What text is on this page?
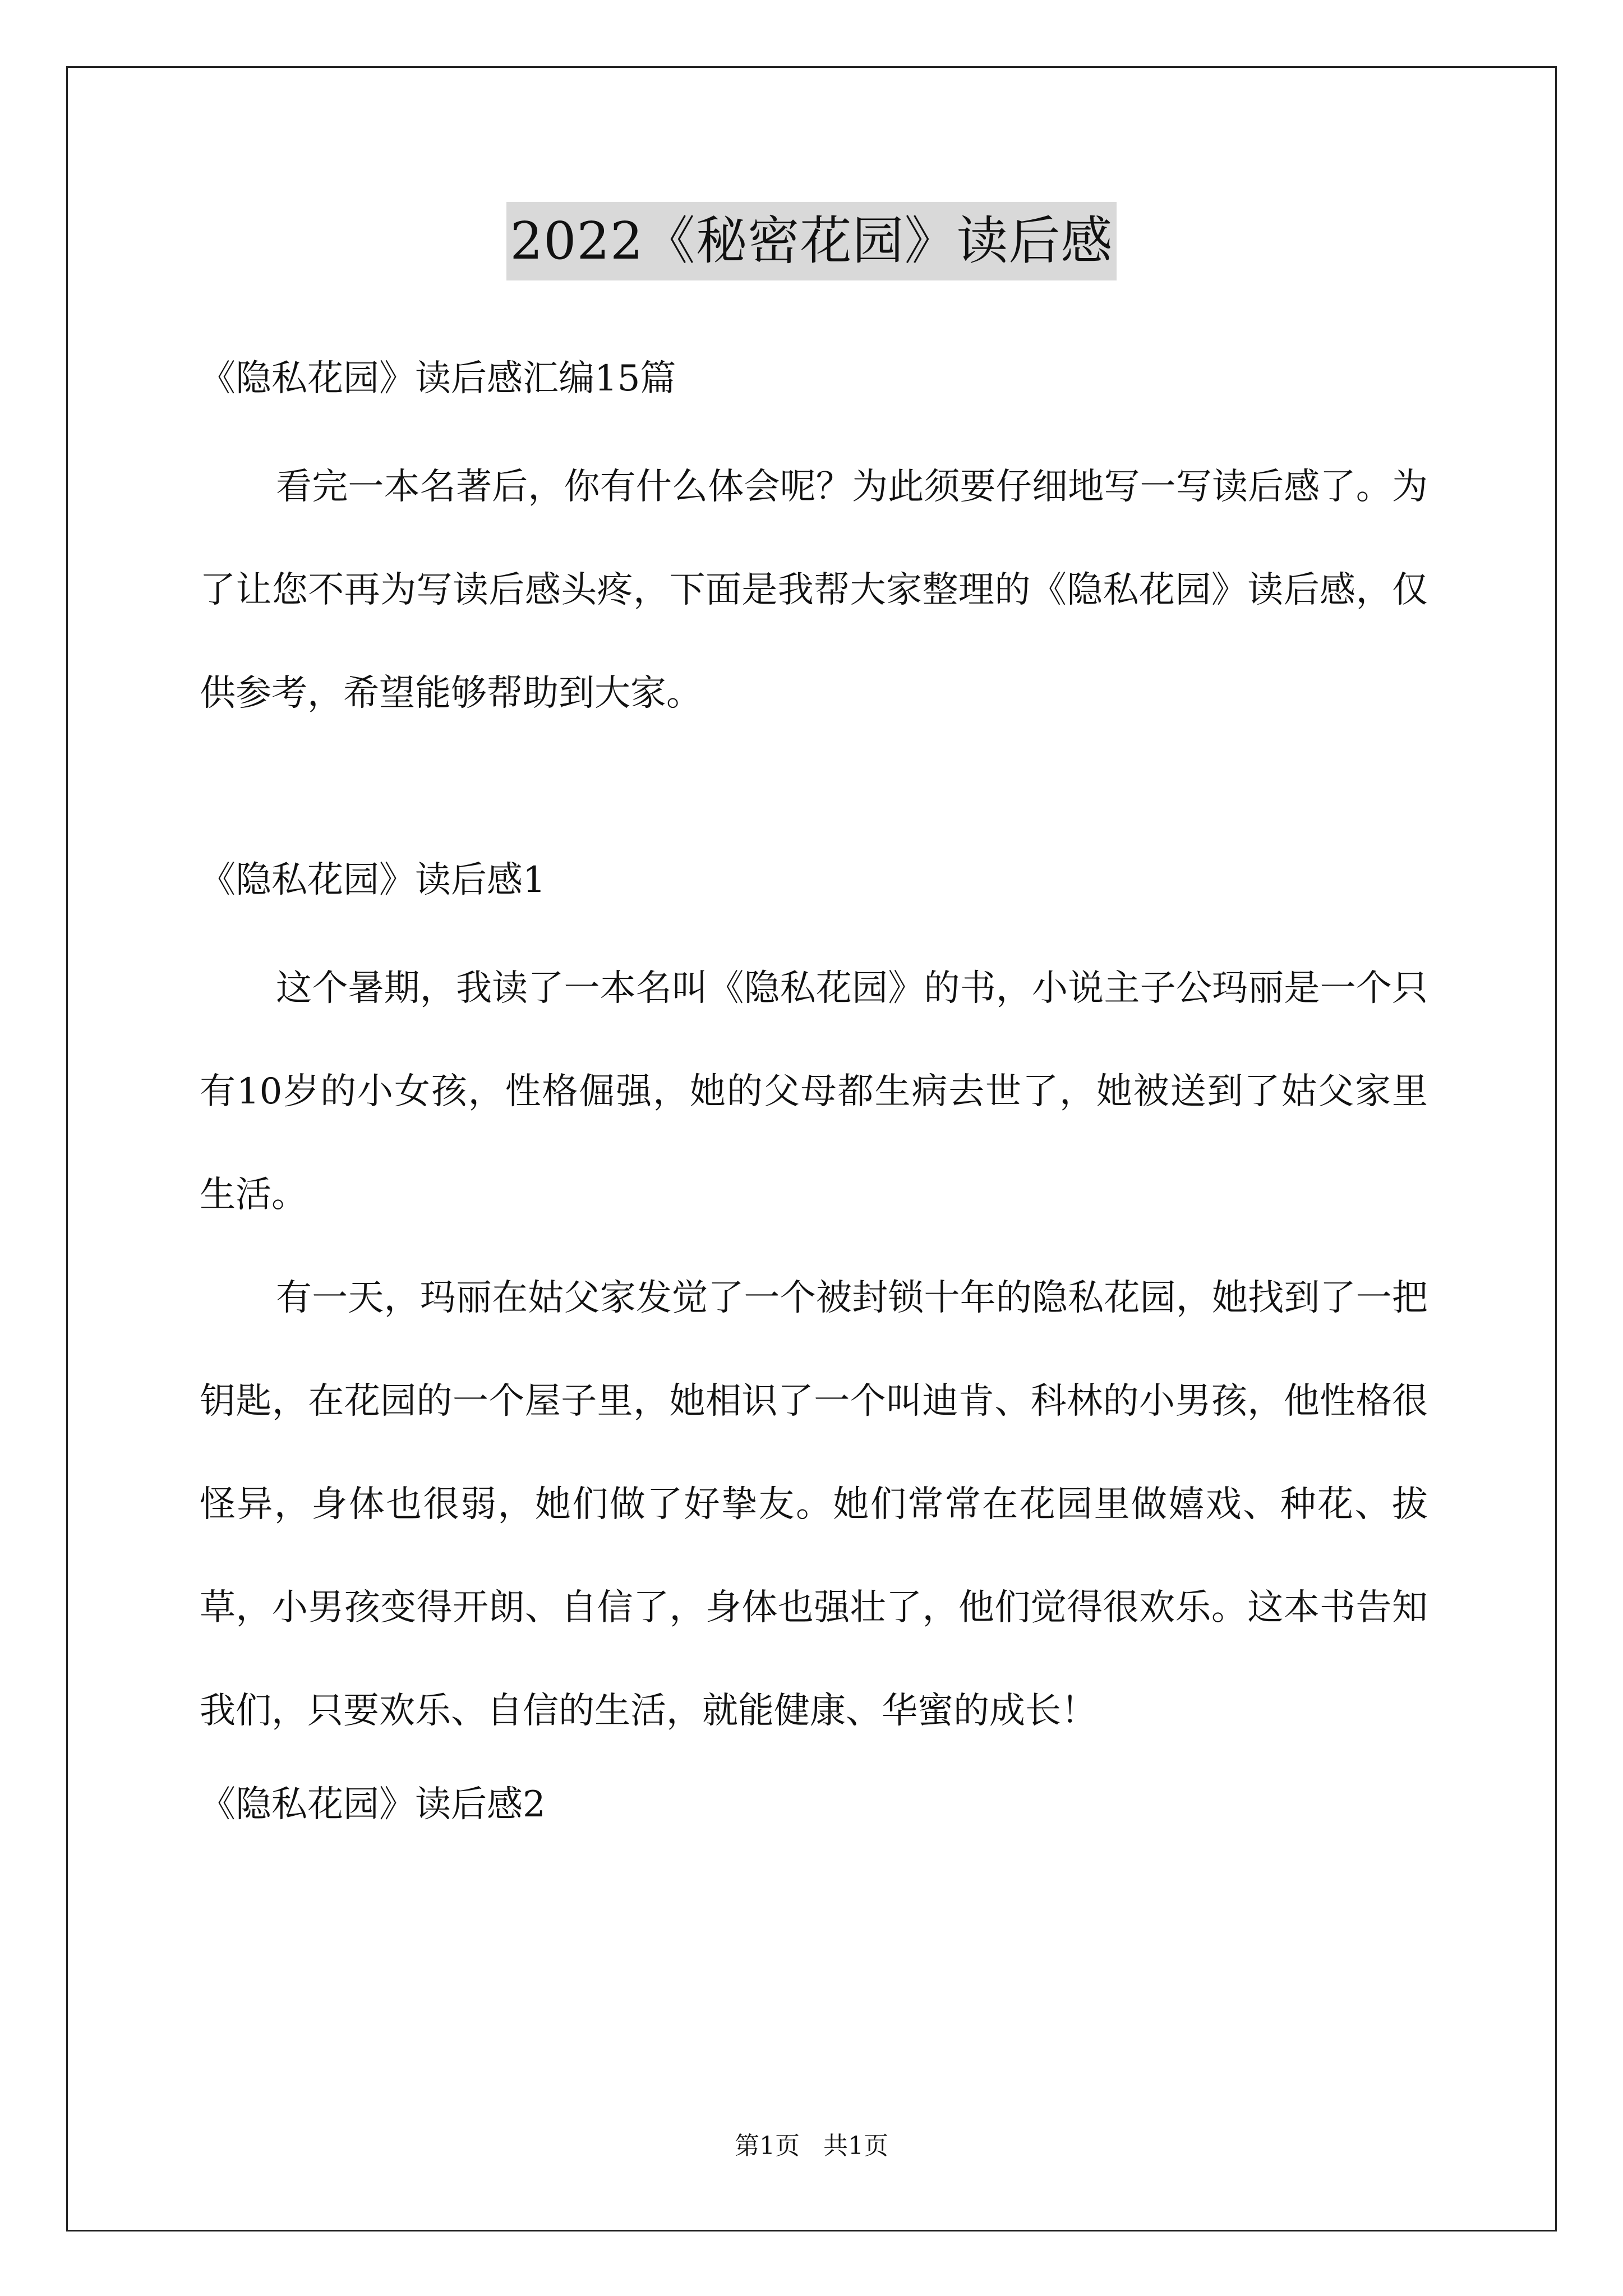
2022《秘密花园》读后感

《隐私花园》读后感汇编15篇

看完一本名著后，你有什么体会呢？为此须要仔细地写一写读后感了。为了让您不再为写读后感头疼，下面是我帮大家整理的《隐私花园》读后感，仅供参考，希望能够帮助到大家。

《隐私花园》读后感1

这个暑期，我读了一本名叫《隐私花园》的书，小说主子公玛丽是一个只有10岁的小女孩，性格倔强，她的父母都生病去世了，她被送到了姑父家里生活。

有一天，玛丽在姑父家发觉了一个被封锁十年的隐私花园，她找到了一把钥匙，在花园的一个屋子里，她相识了一个叫迪肯、科林的小男孩，他性格很怪异，身体也很弱，她们做了好挚友。她们常常在花园里做嬉戏、种花、拔草，小男孩变得开朗、自信了，身体也强壮了，他们觉得很欢乐。这本书告知我们，只要欢乐、自信的生活，就能健康、华蜜的成长！

《隐私花园》读后感2

第1页 共1页
